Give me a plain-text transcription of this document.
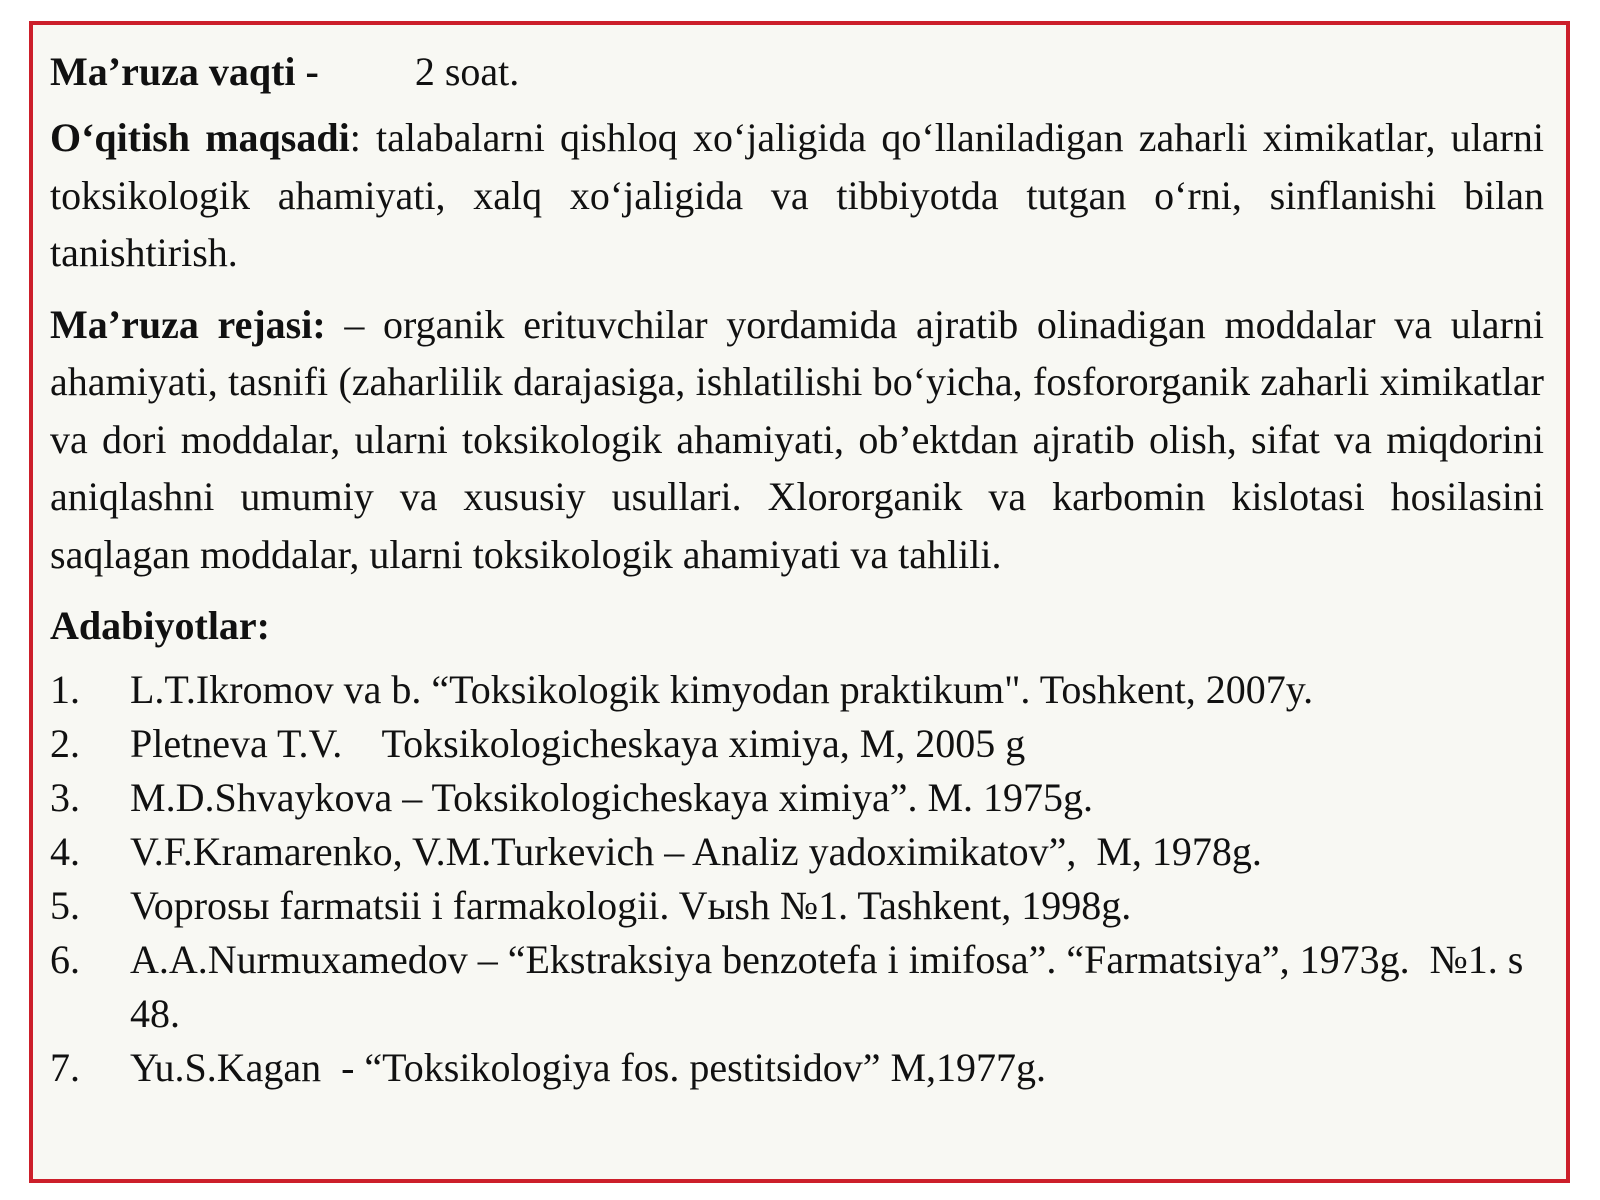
Ma’ruza vaqti - 2 soat.

O‘qitish maqsadi: talabalarni qishloq xo‘jaligida qo‘llaniladigan zaharli ximikatlar, ularni toksikologik ahamiyati, xalq xo‘jaligida va tibbiyotda tutgan o‘rni, sinflanishi bilan tanishtirish.

Ma’ruza rejasi: – organik erituvchilar yordamida ajratib olinadigan moddalar va ularni ahamiyati, tasnifi (zaharlilik darajasiga, ishlatilishi bo‘yicha, fosfororganik zaharli ximikatlar va dori moddalar, ularni toksikologik ahamiyati, ob’ektdan ajratib olish, sifat va miqdorini aniqlashni umumiy va xususiy usullari. Xlororganik va karbomin kislotasi hosilasini saqlagan moddalar, ularni toksikologik ahamiyati va tahlili.

Adabiyotlar:
1.	L.T.Ikromov va b. “Toksikologik kimyodan praktikum". Toshkent, 2007y.
2.	Pletneva T.V.    Toksikologicheskaya ximiya, M, 2005 g
3.	M.D.Shvaykova – Toksikologicheskaya ximiya”. M. 1975g.
4.	V.F.Kramarenko, V.M.Turkevich – Analiz yadoximikatov”,  M, 1978g.
5.	Voprosы farmatsii i farmakologii. Vыsh №1. Tashkent, 1998g.
6.	A.A.Nurmuxamedov – “Ekstraksiya benzotefa i imifosa”. “Farmatsiya”, 1973g.  №1. s 48.
7.	Yu.S.Kagan  - “Toksikologiya fos. pestitsidov” M,1977g.
